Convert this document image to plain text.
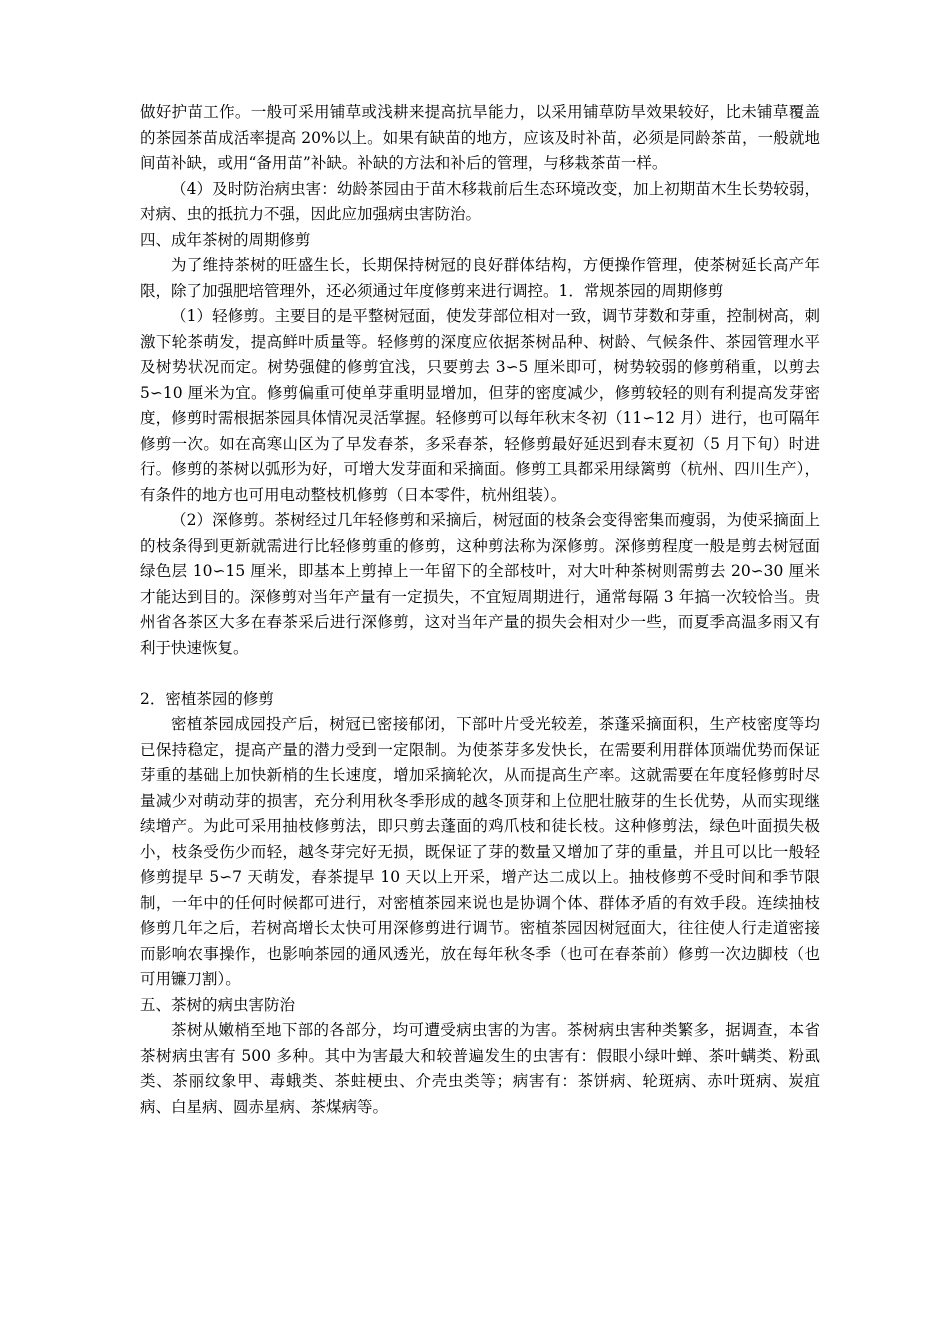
做好护苗工作。一般可采用铺草或浅耕来提高抗旱能力，以采用铺草防旱效果较好，比未铺草覆盖的茶园茶苗成活率提高 20%以上。如果有缺苗的地方，应该及时补苗，必须是同龄茶苗，一般就地间苗补缺，或用“备用苗”补缺。补缺的方法和补后的管理，与移栽茶苗一样。

（4）及时防治病虫害：幼龄茶园由于苗木移栽前后生态环境改变，加上初期苗木生长势较弱，对病、虫的抵抗力不强，因此应加强病虫害防治。

四、成年茶树的周期修剪

为了维持茶树的旺盛生长，长期保持树冠的良好群体结构，方便操作管理，使茶树延长高产年限，除了加强肥培管理外，还必须通过年度修剪来进行调控。1．常规茶园的周期修剪

（1）轻修剪。主要目的是平整树冠面，使发芽部位相对一致，调节芽数和芽重，控制树高，刺激下轮茶萌发，提高鲜叶质量等。轻修剪的深度应依据茶树品种、树龄、气候条件、茶园管理水平及树势状况而定。树势强健的修剪宜浅，只要剪去 3∽5 厘米即可，树势较弱的修剪稍重，以剪去 5∽10 厘米为宜。修剪偏重可使单芽重明显增加，但芽的密度减少，修剪较轻的则有利提高发芽密度，修剪时需根据茶园具体情况灵活掌握。轻修剪可以每年秋末冬初（11∽12 月）进行，也可隔年修剪一次。如在高寒山区为了早发春茶，多采春茶，轻修剪最好延迟到春末夏初（5 月下旬）时进行。修剪的茶树以弧形为好，可增大发芽面和采摘面。修剪工具都采用绿篱剪（杭州、四川生产），有条件的地方也可用电动整枝机修剪（日本零件，杭州组装）。

（2）深修剪。茶树经过几年轻修剪和采摘后，树冠面的枝条会变得密集而瘦弱，为使采摘面上的枝条得到更新就需进行比轻修剪重的修剪，这种剪法称为深修剪。深修剪程度一般是剪去树冠面绿色层 10∽15 厘米，即基本上剪掉上一年留下的全部枝叶，对大叶种茶树则需剪去 20∽30 厘米才能达到目的。深修剪对当年产量有一定损失，不宜短周期进行，通常每隔 3 年搞一次较恰当。贵州省各茶区大多在春茶采后进行深修剪，这对当年产量的损失会相对少一些，而夏季高温多雨又有利于快速恢复。

2．密植茶园的修剪

密植茶园成园投产后，树冠已密接郁闭，下部叶片受光较差，茶蓬采摘面积，生产枝密度等均已保持稳定，提高产量的潜力受到一定限制。为使茶芽多发快长，在需要利用群体顶端优势而保证芽重的基础上加快新梢的生长速度，增加采摘轮次，从而提高生产率。这就需要在年度轻修剪时尽量减少对萌动芽的损害，充分利用秋冬季形成的越冬顶芽和上位肥壮腋芽的生长优势，从而实现继续增产。为此可采用抽枝修剪法，即只剪去蓬面的鸡爪枝和徒长枝。这种修剪法，绿色叶面损失极小，枝条受伤少而轻，越冬芽完好无损，既保证了芽的数量又增加了芽的重量，并且可以比一般轻修剪提早 5∽7 天萌发，春茶提早 10 天以上开采，增产达二成以上。抽枝修剪不受时间和季节限制，一年中的任何时候都可进行，对密植茶园来说也是协调个体、群体矛盾的有效手段。连续抽枝修剪几年之后，若树高增长太快可用深修剪进行调节。密植茶园因树冠面大，往往使人行走道密接而影响农事操作，也影响茶园的通风透光，放在每年秋冬季（也可在春茶前）修剪一次边脚枝（也可用镰刀割）。

五、茶树的病虫害防治

茶树从嫩梢至地下部的各部分，均可遭受病虫害的为害。茶树病虫害种类繁多，据调查，本省茶树病虫害有 500 多种。其中为害最大和较普遍发生的虫害有：假眼小绿叶蝉、茶叶螨类、粉虱类、茶丽纹象甲、毒蛾类、茶蛀梗虫、介壳虫类等；病害有：茶饼病、轮斑病、赤叶斑病、炭疽病、白星病、圆赤星病、茶煤病等。
